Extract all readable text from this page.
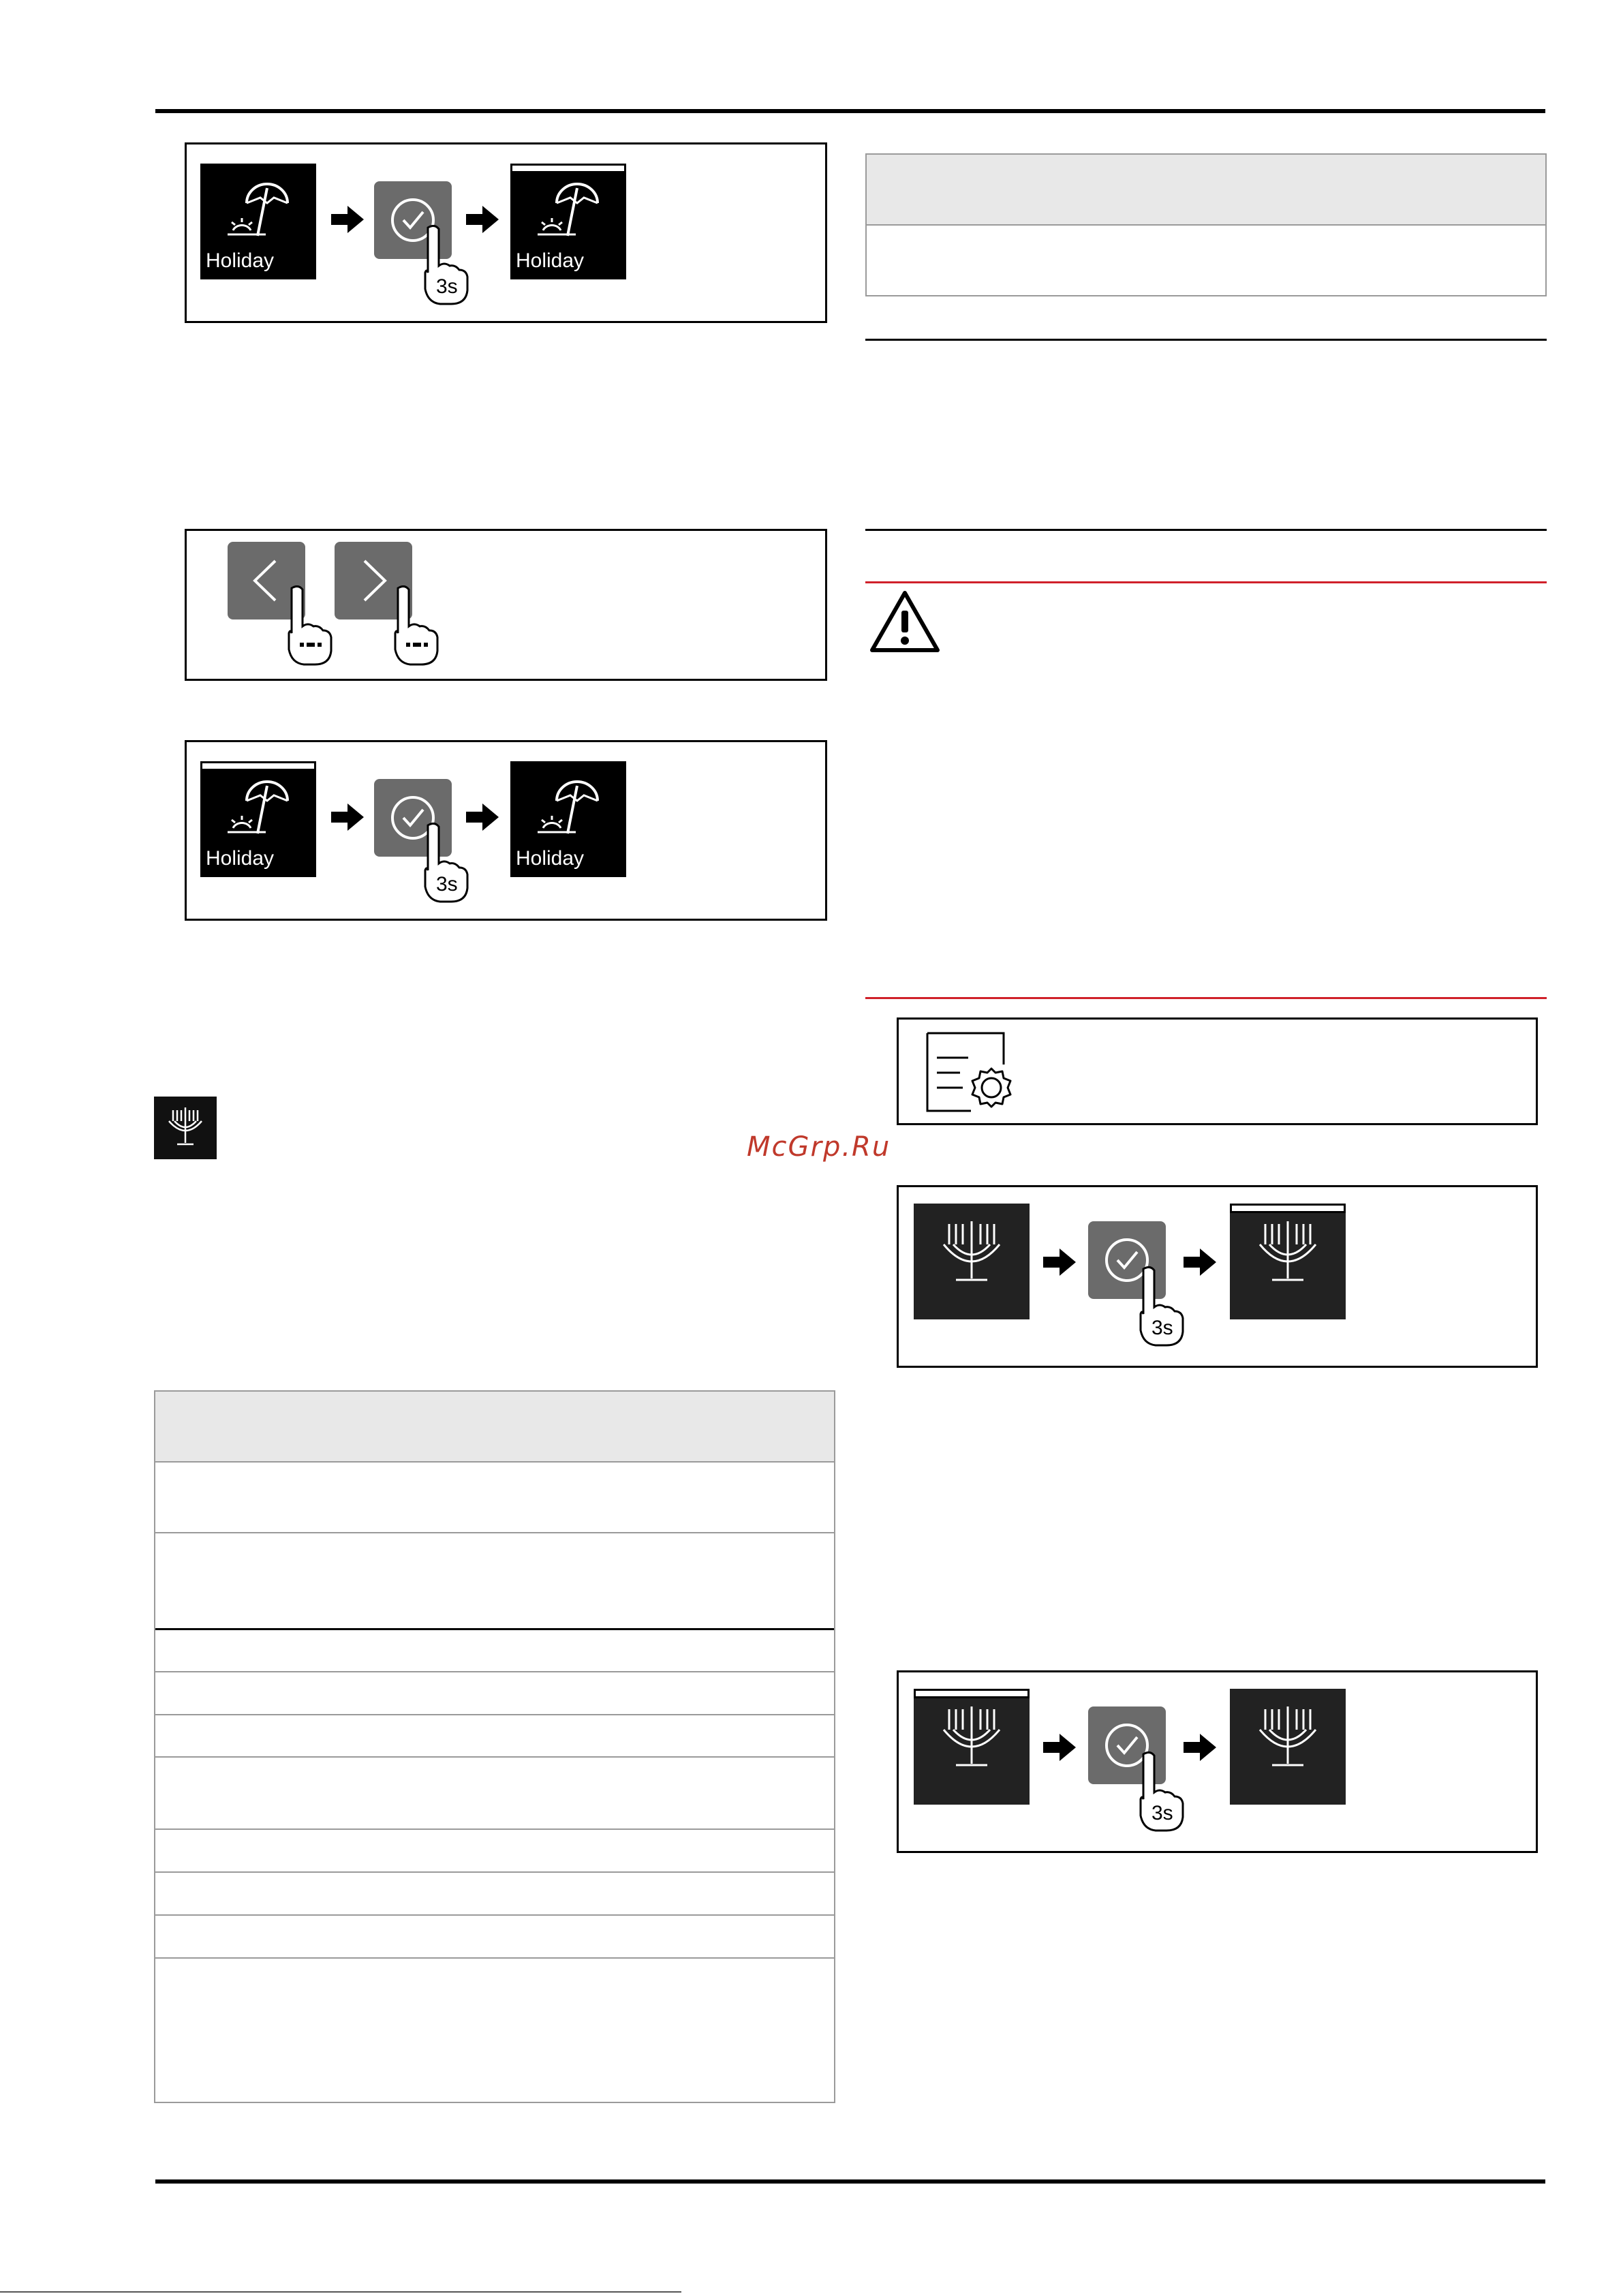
Holiday
3s
Holiday
Holiday
3s
Holiday
McGrp.Ru
3s
3s
